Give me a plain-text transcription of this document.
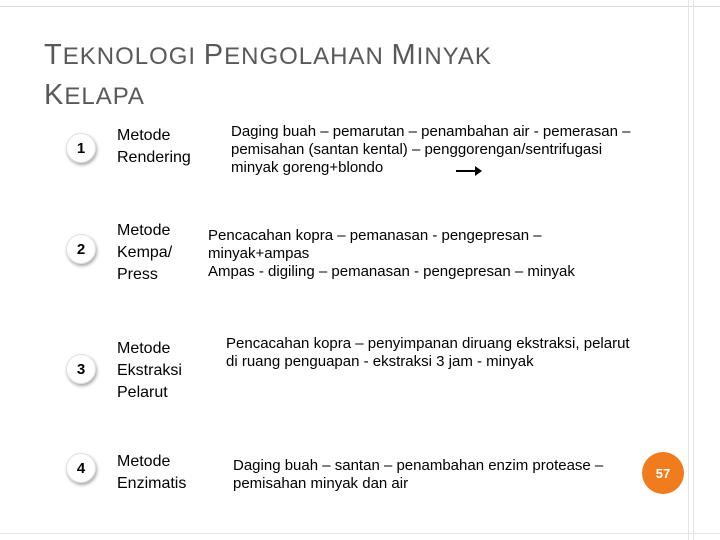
TEKNOLOGI PENGOLAHAN MINYAK
KELAPA
1
Metode
Rendering
Daging buah – pemarutan – penambahan air - pemerasan –
pemisahan (santan kental) – penggorengan/sentrifugasi
minyak goreng+blondo
2
Metode
Kempa/
Press
Pencacahan kopra – pemanasan - pengepresan –
minyak+ampas
Ampas - digiling – pemanasan - pengepresan – minyak
3
Metode
Ekstraksi
Pelarut
Pencacahan kopra – penyimpanan diruang ekstraksi, pelarut
di ruang penguapan - ekstraksi 3 jam - minyak
4	Metode
Enzimatis
Daging buah – santan – penambahan enzim protease –
pemisahan minyak dan air
57
